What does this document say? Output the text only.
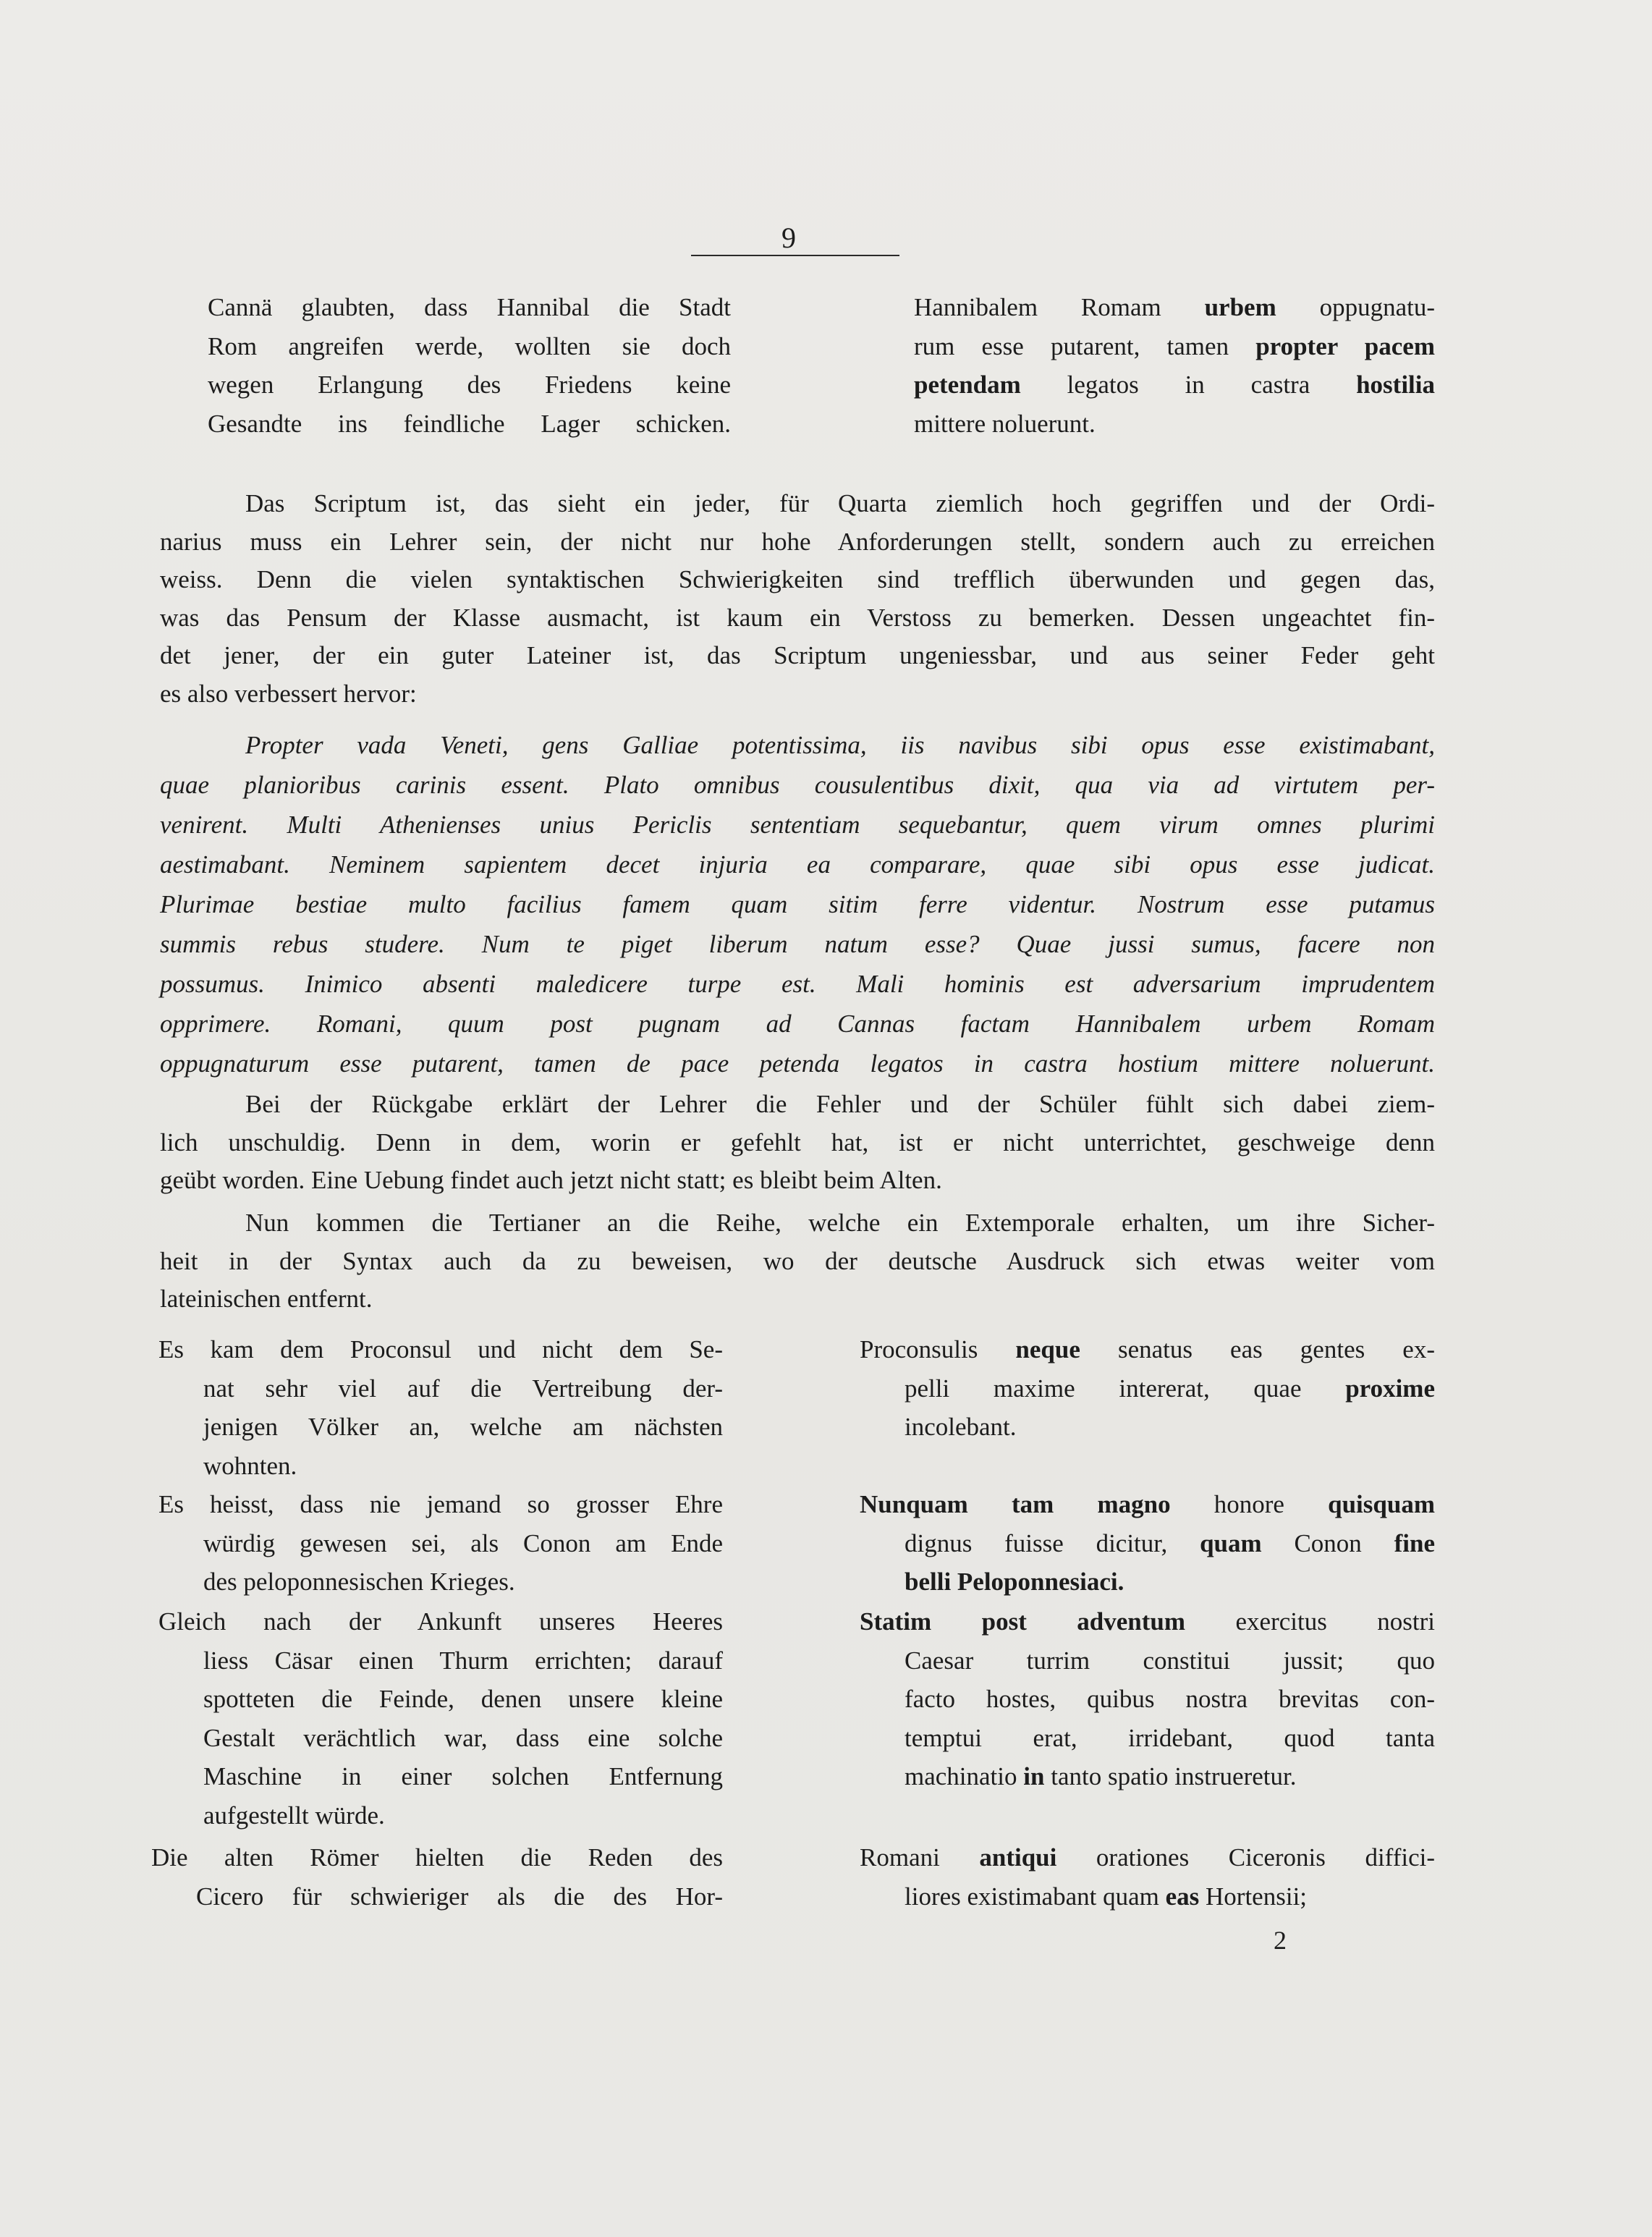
9
Cannä glaubten, dass Hannibal die Stadt
Rom angreifen werde, wollten sie doch
wegen Erlangung des Friedens keine
Gesandte ins feindliche Lager schicken.
Hannibalem Romam urbem oppugnatu-
rum esse putarent, tamen propter pacem
petendam legatos in castra hostilia
mittere noluerunt.
Das Scriptum ist, das sieht ein jeder, für Quarta ziemlich hoch gegriffen und der Ordi-
narius muss ein Lehrer sein, der nicht nur hohe Anforderungen stellt, sondern auch zu erreichen
weiss. Denn die vielen syntaktischen Schwierigkeiten sind trefflich überwunden und gegen das,
was das Pensum der Klasse ausmacht, ist kaum ein Verstoss zu bemerken. Dessen ungeachtet fin-
det jener, der ein guter Lateiner ist, das Scriptum ungeniessbar, und aus seiner Feder geht
es also verbessert hervor:
Propter vada Veneti, gens Galliae potentissima, iis navibus sibi opus esse existimabant,
quae planioribus carinis essent. Plato omnibus cousulentibus dixit, qua via ad virtutem per-
venirent. Multi Athenienses unius Periclis sententiam sequebantur, quem virum omnes plurimi
aestimabant. Neminem sapientem decet injuria ea comparare, quae sibi opus esse judicat.
Plurimae bestiae multo facilius famem quam sitim ferre videntur. Nostrum esse putamus
summis rebus studere. Num te piget liberum natum esse? Quae jussi sumus, facere non
possumus. Inimico absenti maledicere turpe est. Mali hominis est adversarium imprudentem
opprimere. Romani, quum post pugnam ad Cannas factam Hannibalem urbem Romam
oppugnaturum esse putarent, tamen de pace petenda legatos in castra hostium mittere noluerunt.
Bei der Rückgabe erklärt der Lehrer die Fehler und der Schüler fühlt sich dabei ziem-
lich unschuldig. Denn in dem, worin er gefehlt hat, ist er nicht unterrichtet, geschweige denn
geübt worden. Eine Uebung findet auch jetzt nicht statt; es bleibt beim Alten.
Nun kommen die Tertianer an die Reihe, welche ein Extemporale erhalten, um ihre Sicher-
heit in der Syntax auch da zu beweisen, wo der deutsche Ausdruck sich etwas weiter vom
lateinischen entfernt.
Es kam dem Proconsul und nicht dem Se-
nat sehr viel auf die Vertreibung der-
jenigen Völker an, welche am nächsten
wohnten.
Proconsulis neque senatus eas gentes ex-
pelli maxime intererat, quae proxime
incolebant.
Es heisst, dass nie jemand so grosser Ehre
würdig gewesen sei, als Conon am Ende
des peloponnesischen Krieges.
Nunquam tam magno honore quisquam
dignus fuisse dicitur, quam Conon fine
belli Peloponnesiaci.
Gleich nach der Ankunft unseres Heeres
liess Cäsar einen Thurm errichten; darauf
spotteten die Feinde, denen unsere kleine
Gestalt verächtlich war, dass eine solche
Maschine in einer solchen Entfernung
aufgestellt würde.
Statim post adventum exercitus nostri
Caesar turrim constitui jussit; quo
facto hostes, quibus nostra brevitas con-
temptui erat, irridebant, quod tanta
machinatio in tanto spatio instrueretur.
Die alten Römer hielten die Reden des
Cicero für schwieriger als die des Hor-
Romani antiqui orationes Ciceronis diffici-
liores existimabant quam eas Hortensii;
2
